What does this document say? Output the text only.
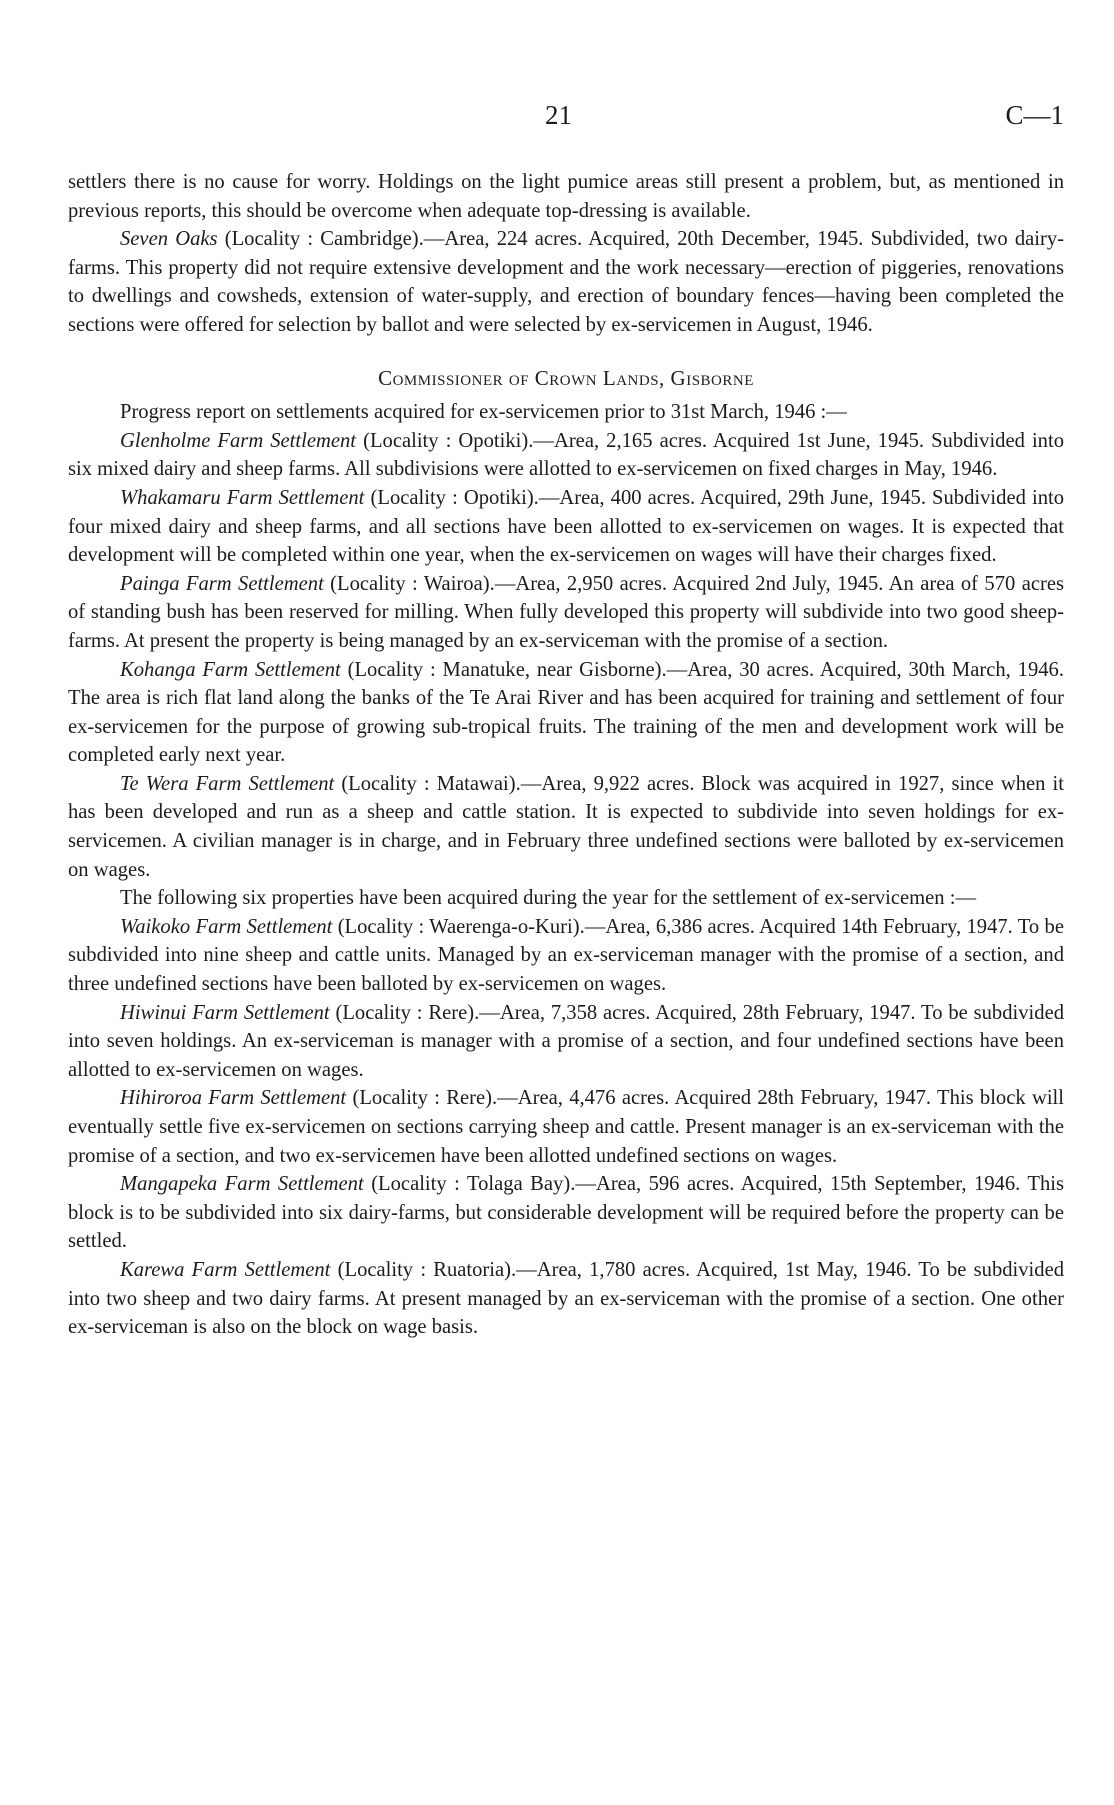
21	C—1

settlers there is no cause for worry. Holdings on the light pumice areas still present a problem, but, as mentioned in previous reports, this should be overcome when adequate top-dressing is available.

Seven Oaks (Locality : Cambridge).—Area, 224 acres. Acquired, 20th December, 1945. Subdivided, two dairy-farms. This property did not require extensive development and the work necessary—erection of piggeries, renovations to dwellings and cowsheds, extension of water-supply, and erection of boundary fences—having been completed the sections were offered for selection by ballot and were selected by ex-servicemen in August, 1946.

Commissioner of Crown Lands, Gisborne

Progress report on settlements acquired for ex-servicemen prior to 31st March, 1946 :—

Glenholme Farm Settlement (Locality : Opotiki).—Area, 2,165 acres. Acquired 1st June, 1945. Subdivided into six mixed dairy and sheep farms. All subdivisions were allotted to ex-servicemen on fixed charges in May, 1946.

Whakamaru Farm Settlement (Locality : Opotiki).—Area, 400 acres. Acquired, 29th June, 1945. Subdivided into four mixed dairy and sheep farms, and all sections have been allotted to ex-servicemen on wages. It is expected that development will be completed within one year, when the ex-servicemen on wages will have their charges fixed.

Painga Farm Settlement (Locality : Wairoa).—Area, 2,950 acres. Acquired 2nd July, 1945. An area of 570 acres of standing bush has been reserved for milling. When fully developed this property will subdivide into two good sheep-farms. At present the property is being managed by an ex-serviceman with the promise of a section.

Kohanga Farm Settlement (Locality : Manatuke, near Gisborne).—Area, 30 acres. Acquired, 30th March, 1946. The area is rich flat land along the banks of the Te Arai River and has been acquired for training and settlement of four ex-servicemen for the purpose of growing sub-tropical fruits. The training of the men and development work will be completed early next year.

Te Wera Farm Settlement (Locality : Matawai).—Area, 9,922 acres. Block was acquired in 1927, since when it has been developed and run as a sheep and cattle station. It is expected to subdivide into seven holdings for ex-servicemen. A civilian manager is in charge, and in February three undefined sections were balloted by ex-servicemen on wages.

The following six properties have been acquired during the year for the settlement of ex-servicemen :—

Waikoko Farm Settlement (Locality : Waerenga-o-Kuri).—Area, 6,386 acres. Acquired 14th February, 1947. To be subdivided into nine sheep and cattle units. Managed by an ex-serviceman manager with the promise of a section, and three undefined sections have been balloted by ex-servicemen on wages.

Hiwinui Farm Settlement (Locality : Rere).—Area, 7,358 acres. Acquired, 28th February, 1947. To be subdivided into seven holdings. An ex-serviceman is manager with a promise of a section, and four undefined sections have been allotted to ex-servicemen on wages.

Hihiroroa Farm Settlement (Locality : Rere).—Area, 4,476 acres. Acquired 28th February, 1947. This block will eventually settle five ex-servicemen on sections carrying sheep and cattle. Present manager is an ex-serviceman with the promise of a section, and two ex-servicemen have been allotted undefined sections on wages.

Mangapeka Farm Settlement (Locality : Tolaga Bay).—Area, 596 acres. Acquired, 15th September, 1946. This block is to be subdivided into six dairy-farms, but considerable development will be required before the property can be settled.

Karewa Farm Settlement (Locality : Ruatoria).—Area, 1,780 acres. Acquired, 1st May, 1946. To be subdivided into two sheep and two dairy farms. At present managed by an ex-serviceman with the promise of a section. One other ex-serviceman is also on the block on wage basis.
